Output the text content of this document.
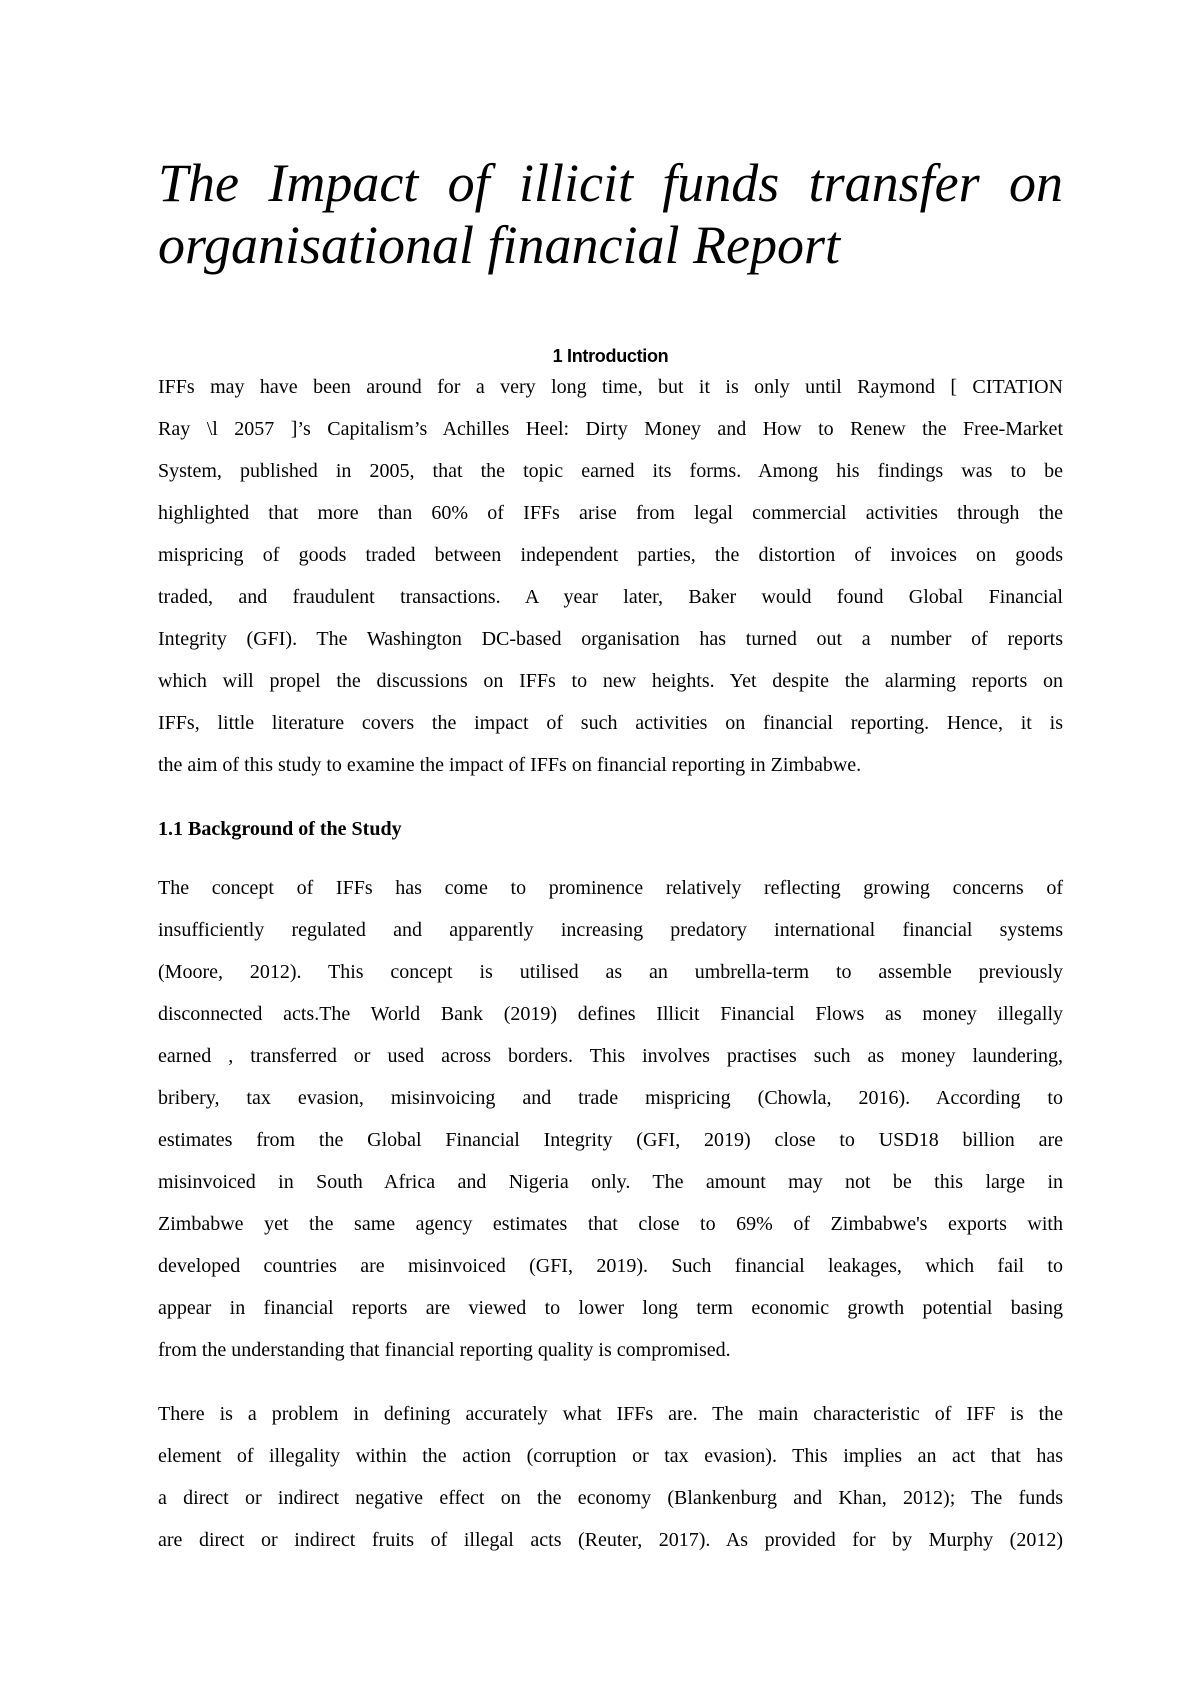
The Impact of illicit funds transfer on
organisational financial Report
1 Introduction
IFFs may have been around for a very long time, but it is only until Raymond [ CITATION
Ray \l 2057 ]’s Capitalism’s Achilles Heel: Dirty Money and How to Renew the Free-Market
System, published in 2005, that the topic earned its forms. Among his findings was to be
highlighted that more than 60% of IFFs arise from legal commercial activities through the
mispricing of goods traded between independent parties, the distortion of invoices on goods
traded, and fraudulent transactions. A year later, Baker would found Global Financial
Integrity (GFI). The Washington DC-based organisation has turned out a number of reports
which will propel the discussions on IFFs to new heights. Yet despite the alarming reports on
IFFs, little literature covers the impact of such activities on financial reporting. Hence, it is
the aim of this study to examine the impact of IFFs on financial reporting in Zimbabwe.
1.1 Background of the Study
The concept of IFFs has come to prominence relatively reflecting growing concerns of
insufficiently regulated and apparently increasing predatory international financial systems
(Moore, 2012). This concept is utilised as an umbrella-term to assemble previously
disconnected acts.The World Bank (2019) defines Illicit Financial Flows as money illegally
earned , transferred or used across borders. This involves practises such as money laundering,
bribery, tax evasion, misinvoicing and trade mispricing (Chowla, 2016). According to
estimates from the Global Financial Integrity (GFI, 2019) close to USD18 billion are
misinvoiced in South Africa and Nigeria only. The amount may not be this large in
Zimbabwe yet the same agency estimates that close to 69% of Zimbabwe's exports with
developed countries are misinvoiced (GFI, 2019). Such financial leakages, which fail to
appear in financial reports are viewed to lower long term economic growth potential basing
from the understanding that financial reporting quality is compromised.
There is a problem in defining accurately what IFFs are. The main characteristic of IFF is the
element of illegality within the action (corruption or tax evasion). This implies an act that has
a direct or indirect negative effect on the economy (Blankenburg and Khan, 2012); The funds
are direct or indirect fruits of illegal acts (Reuter, 2017). As provided for by Murphy (2012)
